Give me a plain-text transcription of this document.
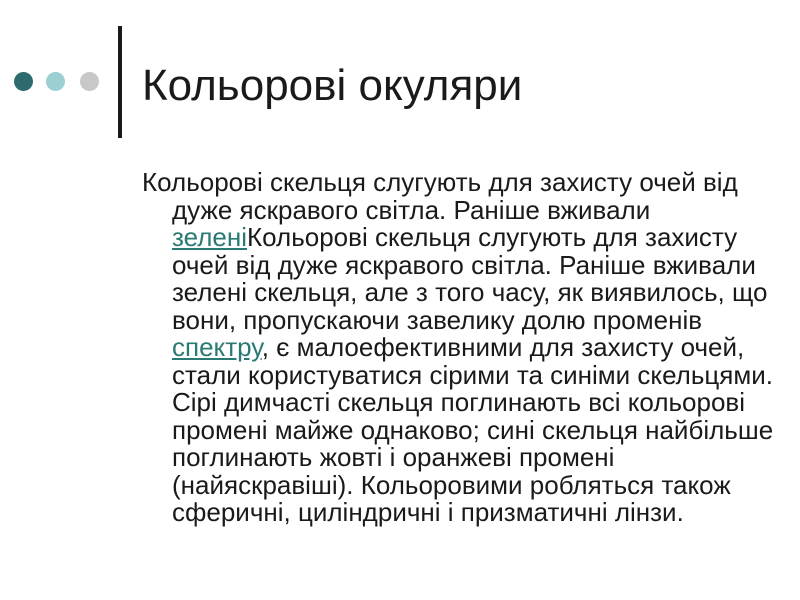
Кольорові окуляри

Кольорові скельця слугують для захисту очей від дуже яскравого світла. Раніше вживали зеленіКольорові скельця слугують для захисту очей від дуже яскравого світла. Раніше вживали зелені скельця, але з того часу, як виявилось, що вони, пропускаючи завелику долю променів спектру, є малоефективними для захисту очей, стали користуватися сірими та синіми скельцями. Сірі димчасті скельця поглинають всі кольорові промені майже однаково; сині скельця найбільше поглинають жовті і оранжеві промені (найяскравіші). Кольоровими робляться також сферичні, циліндричні і призматичні лінзи.
